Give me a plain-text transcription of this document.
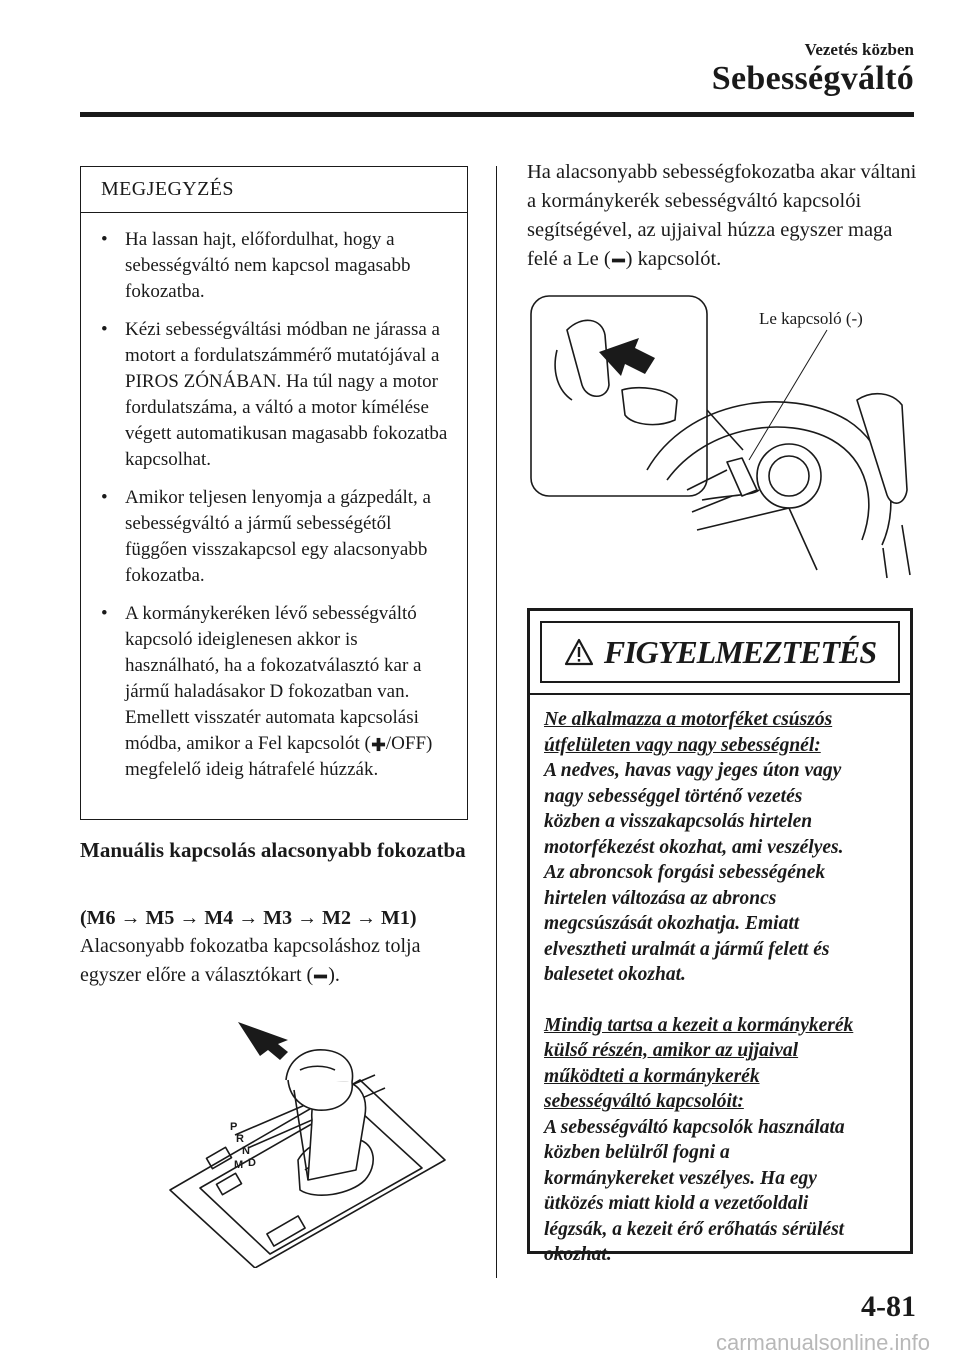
Vezetés közben
Sebességváltó
MEGJEGYZÉS
• Ha lassan hajt, előfordulhat, hogy a sebességváltó nem kapcsol magasabb fokozatba.
• Kézi sebességváltási módban ne járassa a motort a fordulatszámmérő mutatójával a PIROS ZÓNÁBAN. Ha túl nagy a motor fordulatszáma, a váltó a motor kímélése végett automatikusan magasabb fokozatba kapcsolhat.
• Amikor teljesen lenyomja a gázpedált, a sebességváltó a jármű sebességétől függően visszakapcsol egy alacsonyabb fokozatba.
• A kormánykeréken lévő sebességváltó kapcsoló ideiglenesen akkor is használható, ha a fokozatválasztó kar a jármű haladásakor D fokozatban van. Emellett visszatér automata kapcsolási módba, amikor a Fel kapcsolót ( /OFF) megfelelő ideig hátrafelé húzzák.
Manuális kapcsolás alacsonyabb fokozatba
(M6 → M5 → M4 → M3 → M2 → M1)
Alacsonyabb fokozatba kapcsoláshoz tolja egyszer előre a választókart ( ).
P
R
N
D
M
Ha alacsonyabb sebességfokozatba akar váltani a kormánykerék sebességváltó kapcsolói segítségével, az ujjaival húzza egyszer maga felé a Le ( ) kapcsolót.
Le kapcsoló (-)
FIGYELMEZTETÉS
Ne alkalmazza a motorféket csúszós
útfelületen vagy nagy sebességnél:
A nedves, havas vagy jeges úton vagy
nagy sebességgel történő vezetés
közben a visszakapcsolás hirtelen
motorfékezést okozhat, ami veszélyes.
Az abroncsok forgási sebességének
hirtelen változása az abroncs
megcsúszását okozhatja. Emiatt
elvesztheti uralmát a jármű felett és
balesetet okozhat.
Mindig tartsa a kezeit a kormánykerék
külső részén, amikor az ujjaival
működteti a kormánykerék
sebességváltó kapcsolóit:
A sebességváltó kapcsolók használata
közben belülről fogni a
kormánykereket veszélyes. Ha egy
ütközés miatt kiold a vezetőoldali
légzsák, a kezeit érő erőhatás sérülést
okozhat.
4-81
carmanualsonline.info
